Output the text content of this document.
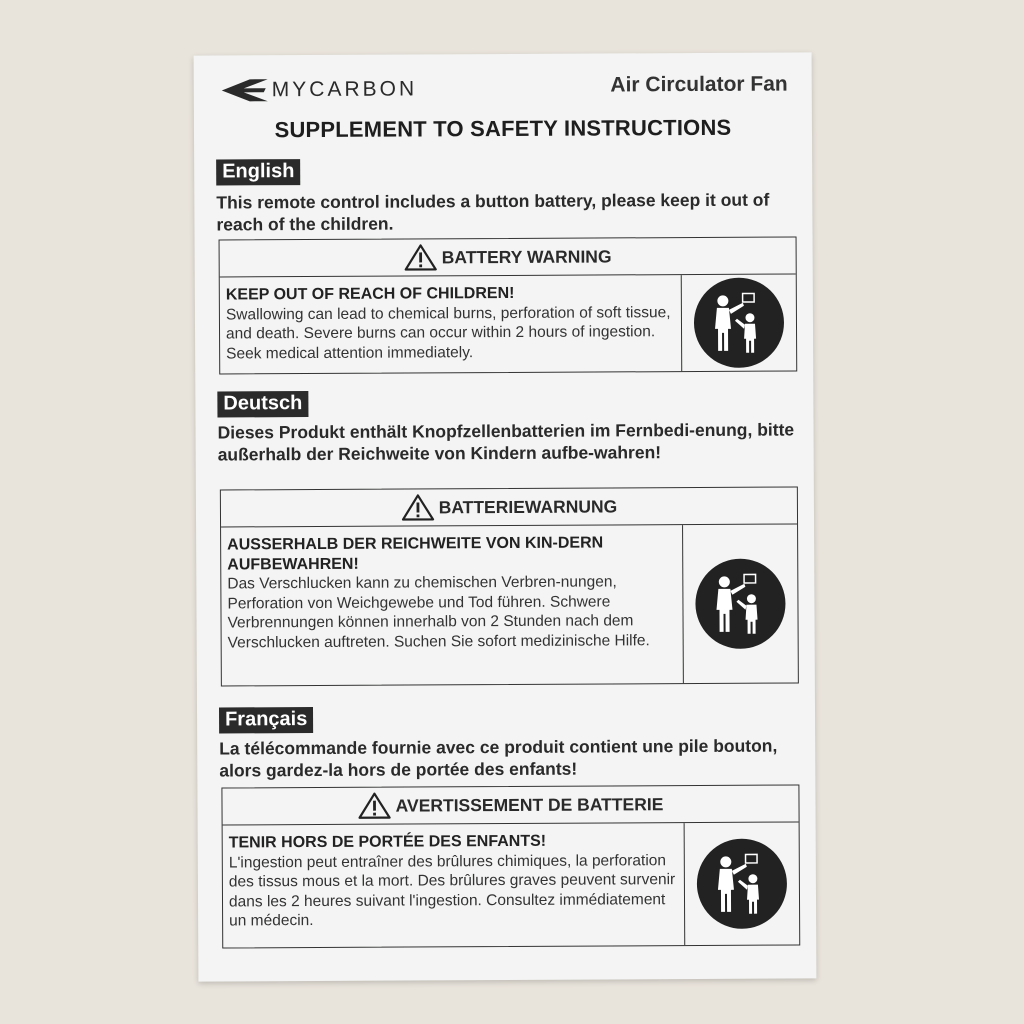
MYCARBON	Air Circulator Fan
SUPPLEMENT TO SAFETY INSTRUCTIONS
English
This remote control includes a button battery, please keep it out of reach of the children.
BATTERY WARNING
KEEP OUT OF REACH OF CHILDREN!
Swallowing can lead to chemical burns, perforation of soft tissue, and death. Severe burns can occur within 2 hours of ingestion. Seek medical attention immediately.
Deutsch
Dieses Produkt enthält Knopfzellenbatterien im Fernbedi-enung, bitte außerhalb der Reichweite von Kindern aufbe-wahren!
BATTERIEWARNUNG
AUSSERHALB DER REICHWEITE VON KIN-DERN AUFBEWAHREN!
Das Verschlucken kann zu chemischen Verbren-nungen, Perforation von Weichgewebe und Tod führen. Schwere Verbrennungen können innerhalb von 2 Stunden nach dem Verschlucken auftreten. Suchen Sie sofort medizinische Hilfe.
Français
La télécommande fournie avec ce produit contient une pile bouton, alors gardez-la hors de portée des enfants!
AVERTISSEMENT DE BATTERIE
TENIR HORS DE PORTÉE DES ENFANTS!
L'ingestion peut entraîner des brûlures chimiques, la perforation des tissus mous et la mort. Des brûlures graves peuvent survenir dans les 2 heures suivant l'ingestion. Consultez immédiatement un médecin.
